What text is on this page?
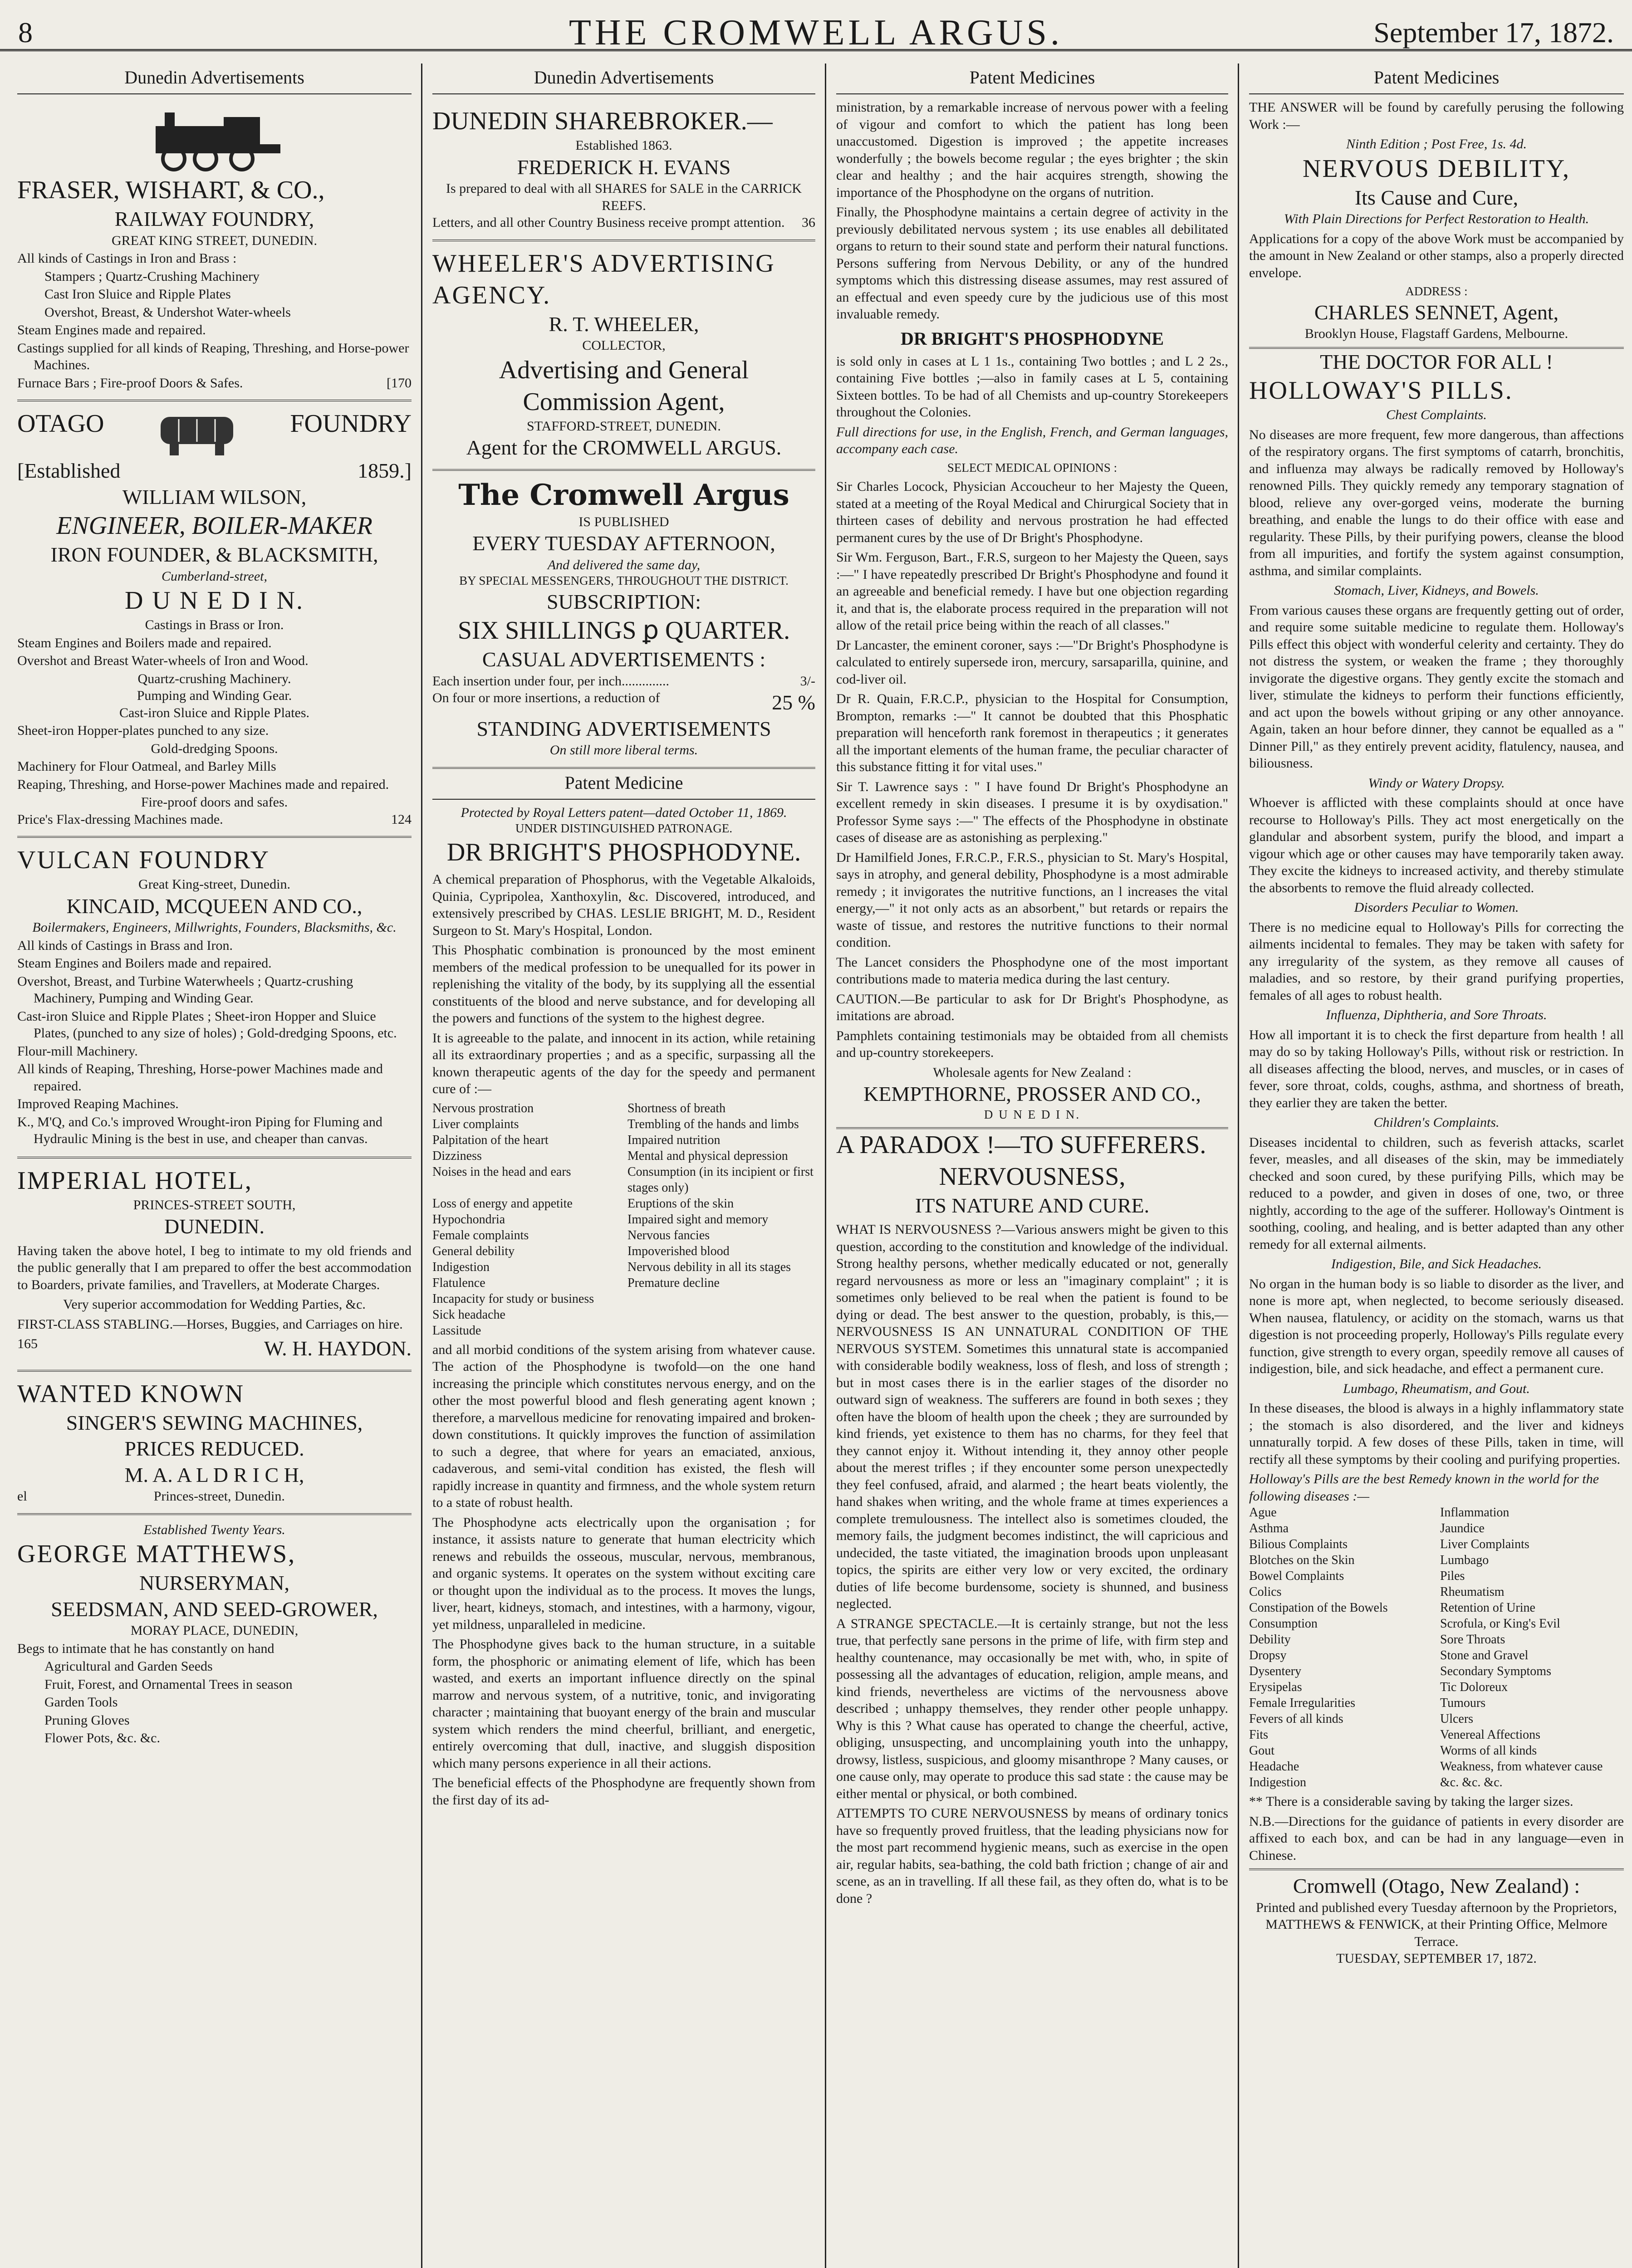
8	THE CROMWELL ARGUS.	September 17, 1872.
Dunedin Advertisements
FRASER, WISHART, & CO.,
RAILWAY FOUNDRY,
GREAT KING STREET, DUNEDIN.
All kinds of Castings in Iron and Brass :
Stampers ; Quartz-Crushing Machinery
Cast Iron Sluice and Ripple Plates
Overshot, Breast, & Undershot Water-wheels
Steam Engines made and repaired.
Castings supplied for all kinds of Reaping, Threshing, and Horse-power Machines.
Furnace Bars ; Fire-proof Doors & Safes.	[170
OTAGO	FOUNDRY
[Established	1859.]
WILLIAM WILSON,
ENGINEER, BOILER-MAKER
IRON FOUNDER, & BLACKSMITH,
Cumberland-street,
D U N E D I N.
Castings in Brass or Iron.
Steam Engines and Boilers made and repaired.
Overshot and Breast Water-wheels of Iron and Wood.
Quartz-crushing Machinery.
Pumping and Winding Gear.
Cast-iron Sluice and Ripple Plates.
Sheet-iron Hopper-plates punched to any size.
Gold-dredging Spoons.
Machinery for Flour Oatmeal, and Barley Mills
Reaping, Threshing, and Horse-power Machines made and repaired.
Fire-proof doors and safes.
Price's Flax-dressing Machines made.	124
VULCAN FOUNDRY
Great King-street, Dunedin.
KINCAID, MCQUEEN AND CO.,
Boilermakers, Engineers, Millwrights, Founders, Blacksmiths, &c.
All kinds of Castings in Brass and Iron.
Steam Engines and Boilers made and repaired.
Overshot, Breast, and Turbine Waterwheels ; Quartz-crushing Machinery, Pumping and Winding Gear.
Cast-iron Sluice and Ripple Plates ; Sheet-iron Hopper and Sluice Plates, (punched to any size of holes) ; Gold-dredging Spoons, etc.
Flour-mill Machinery.
All kinds of Reaping, Threshing, Horse-power Machines made and repaired.
Improved Reaping Machines.
K., M'Q, and Co.'s improved Wrought-iron Piping for Fluming and Hydraulic Mining is the best in use, and cheaper than canvas.
IMPERIAL HOTEL,
PRINCES-STREET SOUTH,
DUNEDIN.

Having taken the above hotel, I beg to intimate to my old friends and the public generally that I am prepared to offer the best accommodation to Boarders, private families, and Travellers, at Moderate Charges.

Very superior accommodation for Wedding Parties, &c.

FIRST-CLASS STABLING.—Horses, Buggies, and Carriages on hire.

165	W. H. HAYDON.
WANTED KNOWN
SINGER'S SEWING MACHINES,
PRICES REDUCED.
M. A. A L D R I C H,
el	Princes-street, Dunedin.
Established Twenty Years.
GEORGE MATTHEWS,
NURSERYMAN,
SEEDSMAN, AND SEED-GROWER,
MORAY PLACE, DUNEDIN,
Begs to intimate that he has constantly on hand
Agricultural and Garden Seeds
Fruit, Forest, and Ornamental Trees in season
Garden Tools
Pruning Gloves
Flower Pots, &c. &c.
Dunedin Advertisements
DUNEDIN SHAREBROKER.—
Established 1863.
FREDERICK H. EVANS
Is prepared to deal with all SHARES for SALE in the CARRICK REEFS.
Letters, and all other Country Business receive prompt attention. 36
WHEELER'S ADVERTISING AGENCY.
R. T. WHEELER,
COLLECTOR,
Advertising and General Commission Agent,
STAFFORD-STREET, DUNEDIN.
Agent for the CROMWELL ARGUS.
The Cromwell Argus
IS PUBLISHED
EVERY TUESDAY AFTERNOON,
And delivered the same day,
BY SPECIAL MESSENGERS, THROUGHOUT THE DISTRICT.
SUBSCRIPTION:
SIX SHILLINGS ꝑ QUARTER.
CASUAL ADVERTISEMENTS :
Each insertion under four, per inch..............	3/-
On four or more insertions, a reduction of	25 %
STANDING ADVERTISEMENTS
On still more liberal terms.
Patent Medicine
Protected by Royal Letters patent—dated October 11, 1869.
UNDER DISTINGUISHED PATRONAGE.
DR BRIGHT'S PHOSPHODYNE.

A chemical preparation of Phosphorus, with the Vegetable Alkaloids, Quinia, Cypripolea, Xanthoxylin, &c. Discovered, introduced, and extensively prescribed by CHAS. LESLIE BRIGHT, M. D., Resident Surgeon to St. Mary's Hospital, London.

This Phosphatic combination is pronounced by the most eminent members of the medical profession to be unequalled for its power in replenishing the vitality of the body, by its supplying all the essential constituents of the blood and nerve substance, and for developing all the powers and functions of the system to the highest degree.

It is agreeable to the palate, and innocent in its action, while retaining all its extraordinary properties ; and as a specific, surpassing all the known therapeutic agents of the day for the speedy and permanent cure of :—

Nervous prostration	Shortness of breath
Liver complaints	Trembling of the hands and limbs
Palpitation of the heart	Impaired nutrition
Dizziness	Mental and physical depression
Noises in the head and ears	Consumption (in its incipient or first stages only)
Loss of energy and appetite	Eruptions of the skin
Hypochondria	Impaired sight and memory
Female complaints	Nervous fancies
General debility	Impoverished blood
Indigestion	Nervous debility in all its stages
Flatulence	Premature decline
Incapacity for study or business
Sick headache
Lassitude

and all morbid conditions of the system arising from whatever cause. The action of the Phosphodyne is twofold—on the one hand increasing the principle which constitutes nervous energy, and on the other the most powerful blood and flesh generating agent known ; therefore, a marvellous medicine for renovating impaired and broken-down constitutions. It quickly improves the function of assimilation to such a degree, that where for years an emaciated, anxious, cadaverous, and semi-vital condition has existed, the flesh will rapidly increase in quantity and firmness, and the whole system return to a state of robust health.

The Phosphodyne acts electrically upon the organisation ; for instance, it assists nature to generate that human electricity which renews and rebuilds the osseous, muscular, nervous, membranous, and organic systems. It operates on the system without exciting care or thought upon the individual as to the process. It moves the lungs, liver, heart, kidneys, stomach, and intestines, with a harmony, vigour, yet mildness, unparalleled in medicine.

The Phosphodyne gives back to the human structure, in a suitable form, the phosphoric or animating element of life, which has been wasted, and exerts an important influence directly on the spinal marrow and nervous system, of a nutritive, tonic, and invigorating character ; maintaining that buoyant energy of the brain and muscular system which renders the mind cheerful, brilliant, and energetic, entirely overcoming that dull, inactive, and sluggish disposition which many persons experience in all their actions.

The beneficial effects of the Phosphodyne are frequently shown from the first day of its ad-

Patent Medicines

ministration, by a remarkable increase of nervous power with a feeling of vigour and comfort to which the patient has long been unaccustomed. Digestion is improved ; the appetite increases wonderfully ; the bowels become regular ; the eyes brighter ; the skin clear and healthy ; and the hair acquires strength, showing the importance of the Phosphodyne on the organs of nutrition.

Finally, the Phosphodyne maintains a certain degree of activity in the previously debilitated nervous system ; its use enables all debilitated organs to return to their sound state and perform their natural functions. Persons suffering from Nervous Debility, or any of the hundred symptoms which this distressing disease assumes, may rest assured of an effectual and even speedy cure by the judicious use of this most invaluable remedy.

DR BRIGHT'S PHOSPHODYNE

is sold only in cases at L 1 1s., containing Two bottles ; and L 2 2s., containing Five bottles ;—also in family cases at L 5, containing Sixteen bottles. To be had of all Chemists and up-country Storekeepers throughout the Colonies.

Full directions for use, in the English, French, and German languages, accompany each case.

SELECT MEDICAL OPINIONS :

Sir Charles Locock, Physician Accoucheur to her Majesty the Queen, stated at a meeting of the Royal Medical and Chirurgical Society that in thirteen cases of debility and nervous prostration he had effected permanent cures by the use of Dr Bright's Phosphodyne.

Sir Wm. Ferguson, Bart., F.R.S, surgeon to her Majesty the Queen, says :—" I have repeatedly prescribed Dr Bright's Phosphodyne and found it an agreeable and beneficial remedy. I have but one objection regarding it, and that is, the elaborate process required in the preparation will not allow of the retail price being within the reach of all classes."

Dr Lancaster, the eminent coroner, says :—"Dr Bright's Phosphodyne is calculated to entirely supersede iron, mercury, sarsaparilla, quinine, and cod-liver oil.

Dr R. Quain, F.R.C.P., physician to the Hospital for Consumption, Brompton, remarks :—" It cannot be doubted that this Phosphatic preparation will henceforth rank foremost in therapeutics ; it generates all the important elements of the human frame, the peculiar character of this substance fitting it for vital uses."

Sir T. Lawrence says : " I have found Dr Bright's Phosphodyne an excellent remedy in skin diseases. I presume it is by oxydisation." Professor Syme says :—" The effects of the Phosphodyne in obstinate cases of disease are as astonishing as perplexing."

Dr Hamilfield Jones, F.R.C.P., F.R.S., physician to St. Mary's Hospital, says in atrophy, and general debility, Phosphodyne is a most admirable remedy ; it invigorates the nutritive functions, an l increases the vital energy,—" it not only acts as an absorbent," but retards or repairs the waste of tissue, and restores the nutritive functions to their normal condition.

The Lancet considers the Phosphodyne one of the most important contributions made to materia medica during the last century.

CAUTION.—Be particular to ask for Dr Bright's Phosphodyne, as imitations are abroad.

Pamphlets containing testimonials may be obtaided from all chemists and up-country storekeepers.

Wholesale agents for New Zealand :
KEMPTHORNE, PROSSER AND CO.,
D U N E D I N.
A PARADOX !—TO SUFFERERS.
NERVOUSNESS,
ITS NATURE AND CURE.

WHAT IS NERVOUSNESS ?—Various answers might be given to this question, according to the constitution and knowledge of the individual. Strong healthy persons, whether medically educated or not, generally regard nervousness as more or less an "imaginary complaint" ; it is sometimes only believed to be real when the patient is found to be dying or dead. The best answer to the question, probably, is this,—NERVOUSNESS IS AN UNNATURAL CONDITION OF THE NERVOUS SYSTEM. Sometimes this unnatural state is accompanied with considerable bodily weakness, loss of flesh, and loss of strength ; but in most cases there is in the earlier stages of the disorder no outward sign of weakness. The sufferers are found in both sexes ; they often have the bloom of health upon the cheek ; they are surrounded by kind friends, yet existence to them has no charms, for they feel that they cannot enjoy it. Without intending it, they annoy other people about the merest trifles ; if they encounter some person unexpectedly they feel confused, afraid, and alarmed ; the heart beats violently, the hand shakes when writing, and the whole frame at times experiences a complete tremulousness. The intellect also is sometimes clouded, the memory fails, the judgment becomes indistinct, the will capricious and undecided, the taste vitiated, the imagination broods upon unpleasant topics, the spirits are either very low or very excited, the ordinary duties of life become burdensome, society is shunned, and business neglected.

A STRANGE SPECTACLE.—It is certainly strange, but not the less true, that perfectly sane persons in the prime of life, with firm step and healthy countenance, may occasionally be met with, who, in spite of possessing all the advantages of education, religion, ample means, and kind friends, nevertheless are victims of the nervousness above described ; unhappy themselves, they render other people unhappy. Why is this ? What cause has operated to change the cheerful, active, obliging, unsuspecting, and uncomplaining youth into the unhappy, drowsy, listless, suspicious, and gloomy misanthrope ? Many causes, or one cause only, may operate to produce this sad state : the cause may be either mental or physical, or both combined.

ATTEMPTS TO CURE NERVOUSNESS by means of ordinary tonics have so frequently proved fruitless, that the leading physicians now for the most part recommend hygienic means, such as exercise in the open air, regular habits, sea-bathing, the cold bath friction ; change of air and scene, as an in travelling. If all these fail, as they often do, what is to be done ?

Patent Medicines

THE ANSWER will be found by carefully perusing the following Work :—

Ninth Edition ; Post Free, 1s. 4d.
NERVOUS DEBILITY,
Its Cause and Cure,
With Plain Directions for Perfect Restoration to Health.

Applications for a copy of the above Work must be accompanied by the amount in New Zealand or other stamps, also a properly directed envelope.

ADDRESS :
CHARLES SENNET, Agent,
Brooklyn House, Flagstaff Gardens, Melbourne.
THE DOCTOR FOR ALL !
HOLLOWAY'S PILLS.
Chest Complaints.

No diseases are more frequent, few more dangerous, than affections of the respiratory organs. The first symptoms of catarrh, bronchitis, and influenza may always be radically removed by Holloway's renowned Pills. They quickly remedy any temporary stagnation of blood, relieve any over-gorged veins, moderate the burning breathing, and enable the lungs to do their office with ease and regularity. These Pills, by their purifying powers, cleanse the blood from all impurities, and fortify the system against consumption, asthma, and similar complaints.

Stomach, Liver, Kidneys, and Bowels.

From various causes these organs are frequently getting out of order, and require some suitable medicine to regulate them. Holloway's Pills effect this object with wonderful celerity and certainty. They do not distress the system, or weaken the frame ; they thoroughly invigorate the digestive organs. They gently excite the stomach and liver, stimulate the kidneys to perform their functions efficiently, and act upon the bowels without griping or any other annoyance. Again, taken an hour before dinner, they cannot be equalled as a " Dinner Pill," as they entirely prevent acidity, flatulency, nausea, and biliousness.

Windy or Watery Dropsy.

Whoever is afflicted with these complaints should at once have recourse to Holloway's Pills. They act most energetically on the glandular and absorbent system, purify the blood, and impart a vigour which age or other causes may have temporarily taken away. They excite the kidneys to increased activity, and thereby stimulate the absorbents to remove the fluid already collected.

Disorders Peculiar to Women.

There is no medicine equal to Holloway's Pills for correcting the ailments incidental to females. They may be taken with safety for any irregularity of the system, as they remove all causes of maladies, and so restore, by their grand purifying properties, females of all ages to robust health.

Influenza, Diphtheria, and Sore Throats.

How all important it is to check the first departure from health ! all may do so by taking Holloway's Pills, without risk or restriction. In all diseases affecting the blood, nerves, and muscles, or in cases of fever, sore throat, colds, coughs, asthma, and shortness of breath, they earlier they are taken the better.

Children's Complaints.

Diseases incidental to children, such as feverish attacks, scarlet fever, measles, and all diseases of the skin, may be immediately checked and soon cured, by these purifying Pills, which may be reduced to a powder, and given in doses of one, two, or three nightly, according to the age of the sufferer. Holloway's Ointment is soothing, cooling, and healing, and is better adapted than any other remedy for all external ailments.

Indigestion, Bile, and Sick Headaches.

No organ in the human body is so liable to disorder as the liver, and none is more apt, when neglected, to become seriously diseased. When nausea, flatulency, or acidity on the stomach, warns us that digestion is not proceeding properly, Holloway's Pills regulate every function, give strength to every organ, speedily remove all causes of indigestion, bile, and sick headache, and effect a permanent cure.

Lumbago, Rheumatism, and Gout.

In these diseases, the blood is always in a highly inflammatory state ; the stomach is also disordered, and the liver and kidneys unnaturally torpid. A few doses of these Pills, taken in time, will rectify all these symptoms by their cooling and purifying properties.

Holloway's Pills are the best Remedy known in the world for the following diseases :—
Ague	Inflammation
Asthma	Jaundice
Bilious Complaints	Liver Complaints
Blotches on the Skin	Lumbago
Bowel Complaints	Piles
Colics	Rheumatism
Constipation of the Bowels	Retention of Urine
Consumption	Scrofula, or King's Evil
Debility	Sore Throats
Dropsy	Stone and Gravel
Dysentery	Secondary Symptoms
Erysipelas	Tic Doloreux
Female Irregularities	Tumours
Fevers of all kinds	Ulcers
Fits	Venereal Affections
Gout	Worms of all kinds
Headache	Weakness, from whatever cause
Indigestion	&c. &c. &c.

** There is a considerable saving by taking the larger sizes.

N.B.—Directions for the guidance of patients in every disorder are affixed to each box, and can be had in any language—even in Chinese.

Cromwell (Otago, New Zealand) :
Printed and published every Tuesday afternoon by the Proprietors, MATTHEWS & FENWICK, at their Printing Office, Melmore Terrace.
TUESDAY, SEPTEMBER 17, 1872.
